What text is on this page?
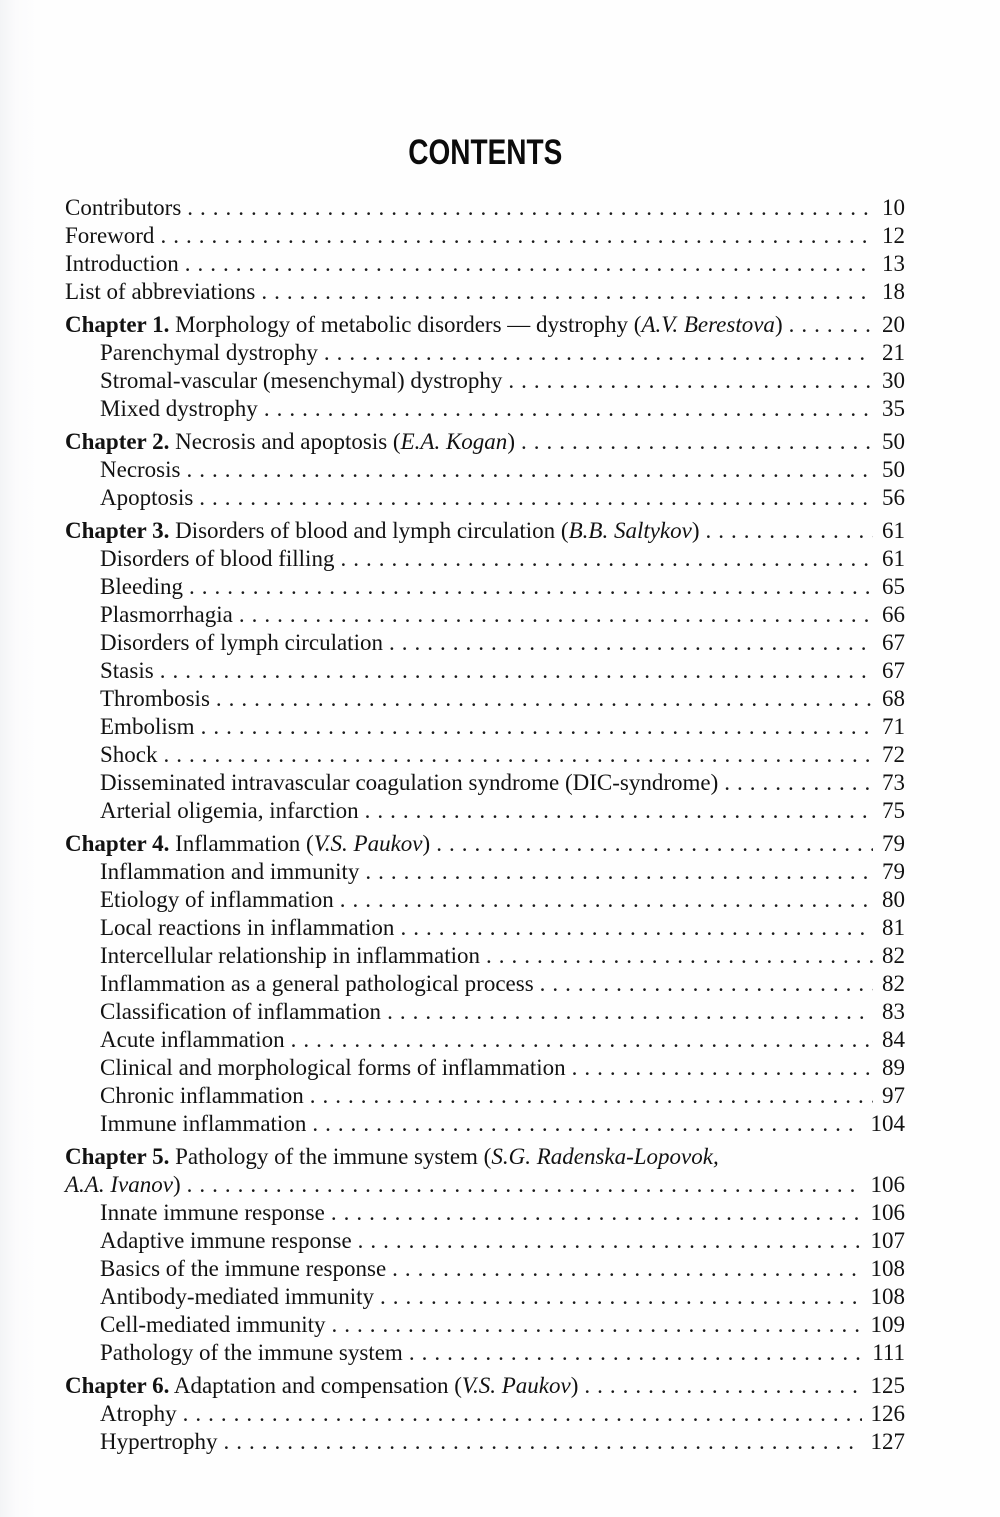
CONTENTS
Contributors .....	10
Foreword .....	12
Introduction .....	13
List of abbreviations .....	18
Chapter 1. Morphology of metabolic disorders — dystrophy (A.V. Berestova) .....	20
Parenchymal dystrophy .....	21
Stromal-vascular (mesenchymal) dystrophy .....	30
Mixed dystrophy .....	35
Chapter 2. Necrosis and apoptosis (E.A. Kogan) .....	50
Necrosis .....	50
Apoptosis .....	56
Chapter 3. Disorders of blood and lymph circulation (B.B. Saltykov) .....	61
Disorders of blood filling .....	61
Bleeding .....	65
Plasmorrhagia .....	66
Disorders of lymph circulation .....	67
Stasis .....	67
Thrombosis .....	68
Embolism .....	71
Shock .....	72
Disseminated intravascular coagulation syndrome (DIC-syndrome) .....	73
Arterial oligemia, infarction .....	75
Chapter 4. Inflammation (V.S. Paukov) .....	79
Inflammation and immunity .....	79
Etiology of inflammation .....	80
Local reactions in inflammation .....	81
Intercellular relationship in inflammation .....	82
Inflammation as a general pathological process .....	82
Classification of inflammation .....	83
Acute inflammation .....	84
Clinical and morphological forms of inflammation .....	89
Chronic inflammation .....	97
Immune inflammation .....	104
Chapter 5. Pathology of the immune system (S.G. Radenska-Lopovok,
A.A. Ivanov) .....	106
Innate immune response .....	106
Adaptive immune response .....	107
Basics of the immune response .....	108
Antibody-mediated immunity .....	108
Cell-mediated immunity .....	109
Pathology of the immune system .....	111
Chapter 6. Adaptation and compensation (V.S. Paukov) .....	125
Atrophy .....	126
Hypertrophy .....	127
